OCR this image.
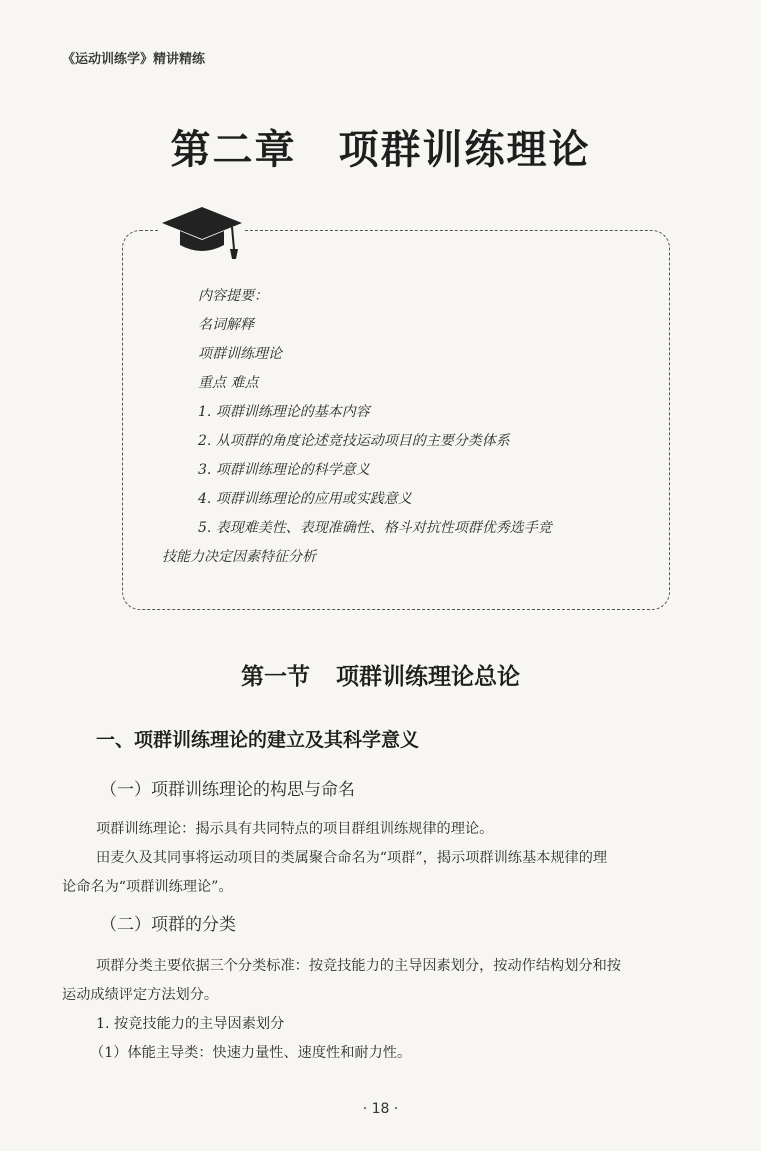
《运动训练学》精讲精练
第二章 项群训练理论
内容提要：
名词解释
项群训练理论
重点 难点
1. 项群训练理论的基本内容
2. 从项群的角度论述竞技运动项目的主要分类体系
3. 项群训练理论的科学意义
4. 项群训练理论的应用或实践意义
5. 表现难美性、表现准确性、格斗对抗性项群优秀选手竞
技能力决定因素特征分析
第一节 项群训练理论总论
一、项群训练理论的建立及其科学意义
（一）项群训练理论的构思与命名
项群训练理论：揭示具有共同特点的项目群组训练规律的理论。
田麦久及其同事将运动项目的类属聚合命名为“项群”，揭示项群训练基本规律的理
论命名为“项群训练理论”。
（二）项群的分类
项群分类主要依据三个分类标准：按竞技能力的主导因素划分，按动作结构划分和按
运动成绩评定方法划分。
1. 按竞技能力的主导因素划分
（1）体能主导类：快速力量性、速度性和耐力性。
· 18 ·
